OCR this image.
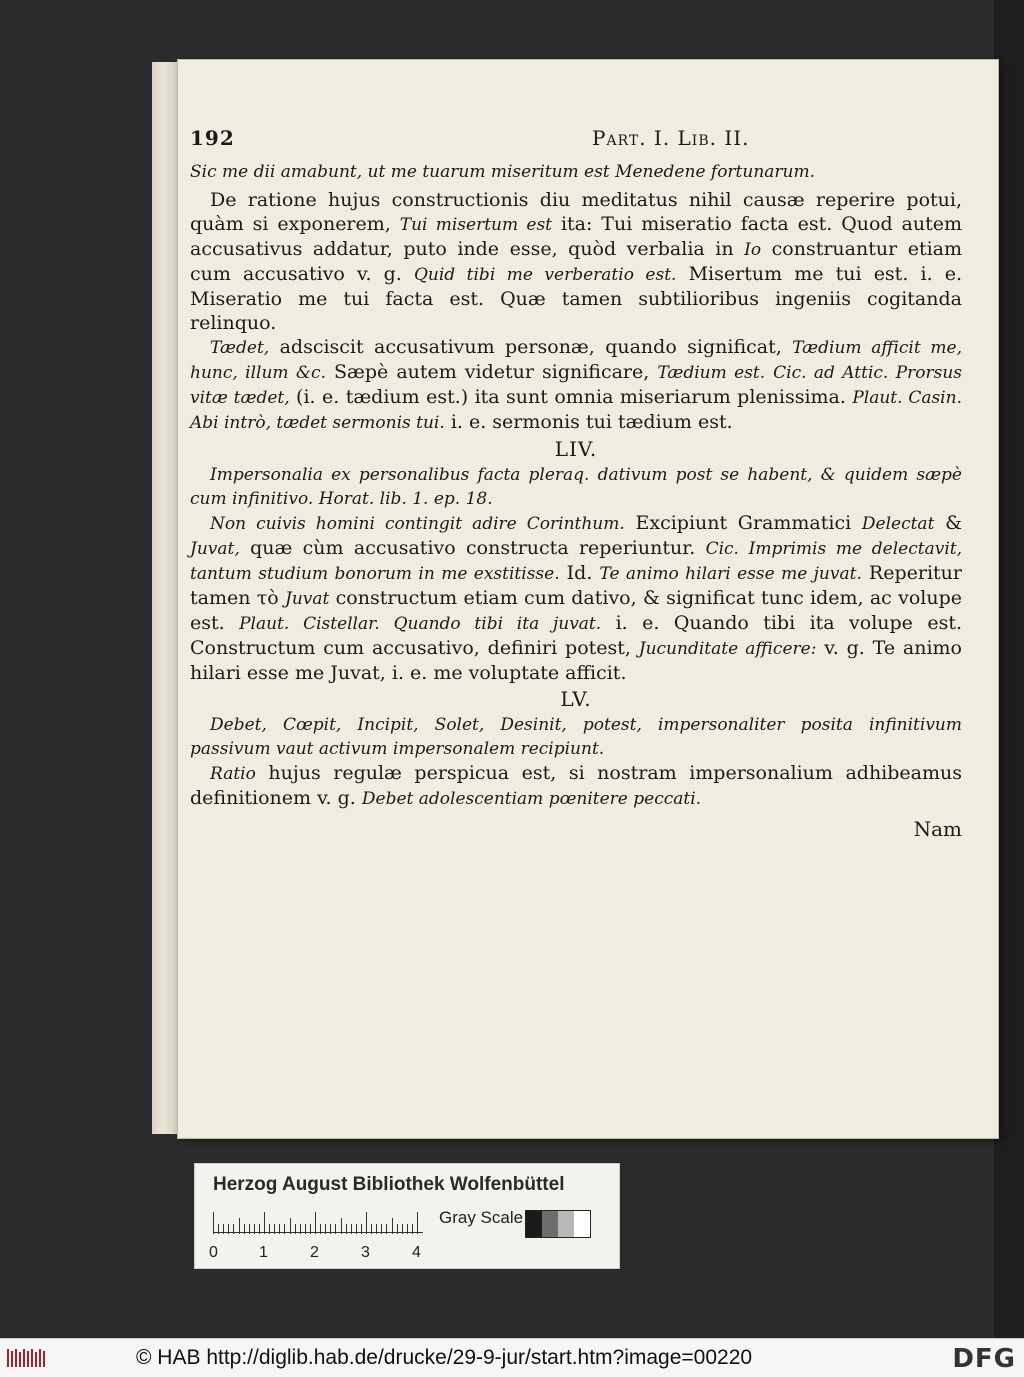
192	Part. I. Lib. II.

Sic me dii amabunt, ut me tuarum miseritum est Menedene fortunarum.

De ratione hujus constructionis diu meditatus nihil causæ reperire potui, quàm si exponerem, Tui misertum est ita: Tui miseratio facta est. Quod autem accusativus addatur, puto inde esse, quòd verbalia in Io construantur etiam cum accusativo v. g. Quid tibi me verberatio est. Misertum me tui est. i. e. Miseratio me tui facta est. Quæ tamen subtilioribus ingeniis cogitanda relinquo.

Tædet, adsciscit accusativum personæ, quando significat, Tædium afficit me, hunc, illum &c. Sæpè autem videtur significare, Tædium est. Cic. ad Attic. Prorsus vitæ tædet, (i. e. tædium est.) ita sunt omnia miseriarum plenissima. Plaut. Casin. Abi intrò, tædet sermonis tui. i. e. sermonis tui tædium est.

LIV.

Impersonalia ex personalibus facta pleraq. dativum post se habent, & quidem sæpè cum infinitivo. Horat. lib. 1. ep. 18.

Non cuivis homini contingit adire Corinthum. Excipiunt Grammatici Delectat & Juvat, quæ cùm accusativo constructa reperiuntur. Cic. Imprimis me delectavit, tantum studium bonorum in me exstitisse. Id. Te animo hilari esse me juvat. Reperitur tamen τὸ Juvat constructum etiam cum dativo, & significat tunc idem, ac volupe est. Plaut. Cistellar. Quando tibi ita juvat. i. e. Quando tibi ita volupe est. Constructum cum accusativo, definiri potest, Jucunditate afficere: v. g. Te animo hilari esse me Juvat, i. e. me voluptate afficit.

LV.

Debet, Cœpit, Incipit, Solet, Desinit, potest, impersonaliter posita infinitivum passivum vaut activum impersonalem recipiunt.

Ratio hujus regulæ perspicua est, si nostram impersonalium adhibeamus definitionem v. g. Debet adolescentiam pœnitere peccati.

Nam

Herzog August Bibliothek Wolfenbüttel
0	1	2	3	4
Gray Scale
© HAB http://diglib.hab.de/drucke/29-9-jur/start.htm?image=00220	DFG
